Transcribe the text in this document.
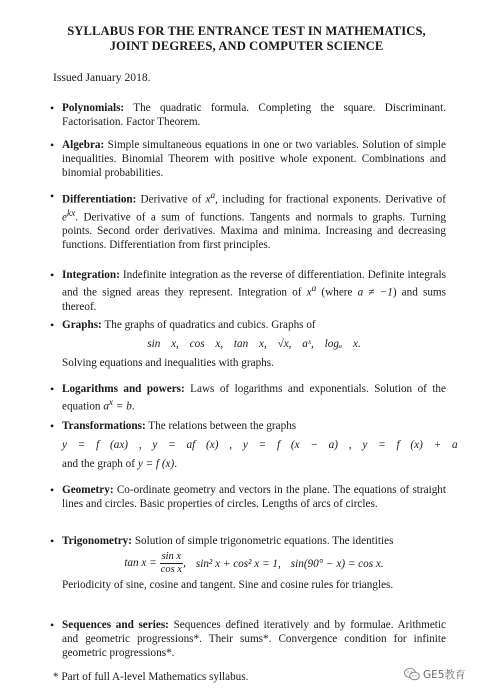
SYLLABUS FOR THE ENTRANCE TEST IN MATHEMATICS,
JOINT DEGREES, AND COMPUTER SCIENCE
Issued January 2018.
• Polynomials: The quadratic formula. Completing the square. Discriminant. Factorisation. Factor Theorem.
• Algebra: Simple simultaneous equations in one or two variables. Solution of simple inequalities. Binomial Theorem with positive whole exponent. Combinations and binomial probabilities.
• Differentiation: Derivative of $x^a$, including for fractional exponents. Derivative of $e^{kx}$. Derivative of a sum of functions. Tangents and normals to graphs. Turning points. Second order derivatives. Maxima and minima. Increasing and decreasing functions. Differentiation from first principles.
• Integration: Indefinite integration as the reverse of differentiation. Definite integrals and the signed areas they represent. Integration of $x^a$ (where a ≠ −1) and sums thereof.
• Graphs: The graphs of quadratics and cubics. Graphs of
sin x, cos x, tan x, √x, aˣ, logₐ x.
Solving equations and inequalities with graphs.
• Logarithms and powers: Laws of logarithms and exponentials. Solution of the equation $a^x = b$.
• Transformations: The relations between the graphs
y = f (ax) , y = af (x) , y = f (x − a) , y = f (x) + a
and the graph of y = f (x).
• Geometry: Co-ordinate geometry and vectors in the plane. The equations of straight lines and circles. Basic properties of circles. Lengths of arcs of circles.
• Trigonometry: Solution of simple trigonometric equations. The identities
$\tan x = \frac{\text{sin x}}{\text{cos x}}$ , sin² x + cos² x = 1, sin(90° − x) = cos x.
Periodicity of sine, cosine and tangent. Sine and cosine rules for triangles.
• Sequences and series: Sequences defined iteratively and by formulae. Arithmetic and geometric progressions*. Their sums*. Convergence condition for infinite geometric progressions*.
* Part of full A-level Mathematics syllabus.	GE5教育
